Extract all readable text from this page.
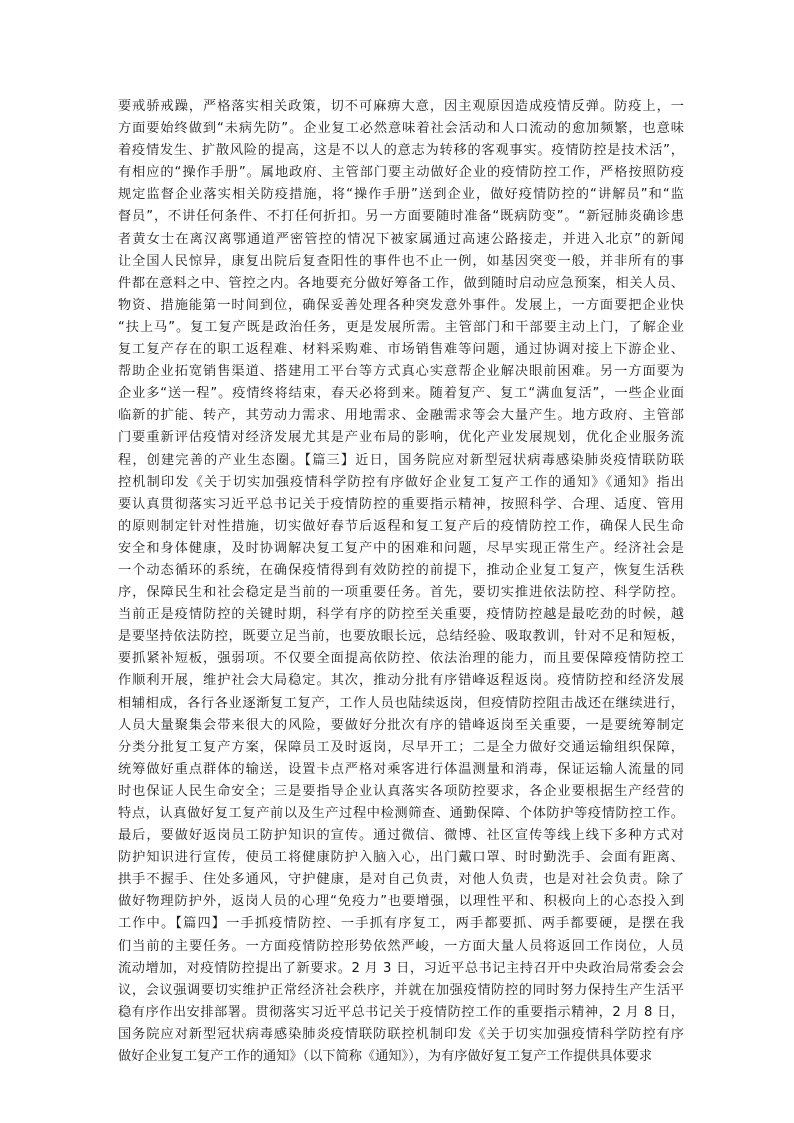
要戒骄戒躁，严格落实相关政策，切不可麻痹大意，因主观原因造成疫情反弹。防疫上，一
方面要始终做到“未病先防”。企业复工必然意味着社会活动和人口流动的愈加频繁，也意味
着疫情发生、扩散风险的提高，这是不以人的意志为转移的客观事实。疫情防控是技术活”，
有相应的“操作手册”。属地政府、主管部门要主动做好企业的疫情防控工作，严格按照防疫
规定监督企业落实相关防疫措施，将“操作手册”送到企业，做好疫情防控的“讲解员”和“监
督员”，不讲任何条件、不打任何折扣。另一方面要随时准备“既病防变”。“新冠肺炎确诊患
者黄女士在离汉离鄂通道严密管控的情况下被家属通过高速公路接走，并进入北京”的新闻
让全国人民惊异，康复出院后复查阳性的事件也不止一例，如基因突变一般，并非所有的事
件都在意料之中、管控之内。各地要充分做好筹备工作，做到随时启动应急预案，相关人员、
物资、措施能第一时间到位，确保妥善处理各种突发意外事件。发展上，一方面要把企业快
“扶上马”。复工复产既是政治任务，更是发展所需。主管部门和干部要主动上门，了解企业
复工复产存在的职工返程难、材料采购难、市场销售难等问题，通过协调对接上下游企业、
帮助企业拓宽销售渠道、搭建用工平台等方式真心实意帮企业解决眼前困难。另一方面要为
企业多“送一程”。疫情终将结束，春天必将到来。随着复产、复工“满血复活”，一些企业面
临新的扩能、转产，其劳动力需求、用地需求、金融需求等会大量产生。地方政府、主管部
门要重新评估疫情对经济发展尤其是产业布局的影响，优化产业发展规划，优化企业服务流
程，创建完善的产业生态圈。【篇三】近日，国务院应对新型冠状病毒感染肺炎疫情联防联
控机制印发《关于切实加强疫情科学防控有序做好企业复工复产工作的通知》《通知》指出
要认真贯彻落实习近平总书记关于疫情防控的重要指示精神，按照科学、合理、适度、管用
的原则制定针对性措施，切实做好春节后返程和复工复产后的疫情防控工作，确保人民生命
安全和身体健康，及时协调解决复工复产中的困难和问题，尽早实现正常生产。经济社会是
一个动态循环的系统，在确保疫情得到有效防控的前提下，推动企业复工复产，恢复生活秩
序，保障民生和社会稳定是当前的一项重要任务。首先，要切实推进依法防控、科学防控。
当前正是疫情防控的关键时期，科学有序的防控至关重要，疫情防控越是最吃劲的时候，越
是要坚持依法防控，既要立足当前，也要放眼长远，总结经验、吸取教训，针对不足和短板，
要抓紧补短板，强弱项。不仅要全面提高依防控、依法治理的能力，而且要保障疫情防控工
作顺利开展，维护社会大局稳定。其次，推动分批有序错峰返程返岗。疫情防控和经济发展
相辅相成，各行各业逐渐复工复产，工作人员也陆续返岗，但疫情防控阻击战还在继续进行，
人员大量聚集会带来很大的风险，要做好分批次有序的错峰返岗至关重要，一是要统筹制定
分类分批复工复产方案，保障员工及时返岗，尽早开工；二是全力做好交通运输组织保障，
统筹做好重点群体的输送，设置卡点严格对乘客进行体温测量和消毒，保证运输人流量的同
时也保证人民生命安全；三是要指导企业认真落实各项防控要求，各企业要根据生产经营的
特点，认真做好复工复产前以及生产过程中检测筛查、通勤保障、个体防护等疫情防控工作。
最后，要做好返岗员工防护知识的宣传。通过微信、微博、社区宣传等线上线下多种方式对
防护知识进行宣传，使员工将健康防护入脑入心，出门戴口罩、时时勤洗手、会面有距离、
拱手不握手、住处多通风，守护健康，是对自己负责，对他人负责，也是对社会负责。除了
做好物理防护外，返岗人员的心理“免疫力”也要增强，以理性平和、积极向上的心态投入到
工作中。【篇四】一手抓疫情防控、一手抓有序复工，两手都要抓、两手都要硬，是摆在我
们当前的主要任务。一方面疫情防控形势依然严峻，一方面大量人员将返回工作岗位，人员
流动增加，对疫情防控提出了新要求。2 月 3 日，习近平总书记主持召开中央政治局常委会会
议，会议强调要切实维护正常经济社会秩序，并就在加强疫情防控的同时努力保持生产生活平
稳有序作出安排部署。贯彻落实习近平总书记关于疫情防控工作的重要指示精神，2 月 8 日，
国务院应对新型冠状病毒感染肺炎疫情联防联控机制印发《关于切实加强疫情科学防控有序
做好企业复工复产工作的通知》（以下简称《通知》），为有序做好复工复产工作提供具体要求
